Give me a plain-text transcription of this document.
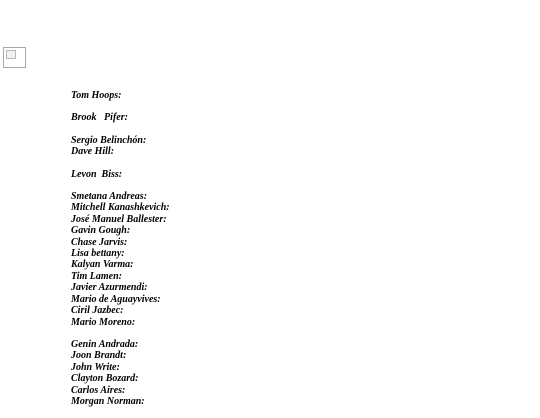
Tom Hoops:
Brook   Pifer:
Sergio Belinchón:
Dave Hill:
Levon  Biss:
Smetana Andreas:
Mitchell Kanashkevich:
José Manuel Ballester:
Gavin Gough:
Chase Jarvis:
Lisa bettany:
Kalyan Varma:
Tim Lamen:
Javier Azurmendi:
Mario de Aguayvives:
Ciril Jazbec:
Mario Moreno:
Genin Andrada:
Joon Brandt:
John Write:
Clayton Bozard:
Carlos Aires:
Morgan Norman:
